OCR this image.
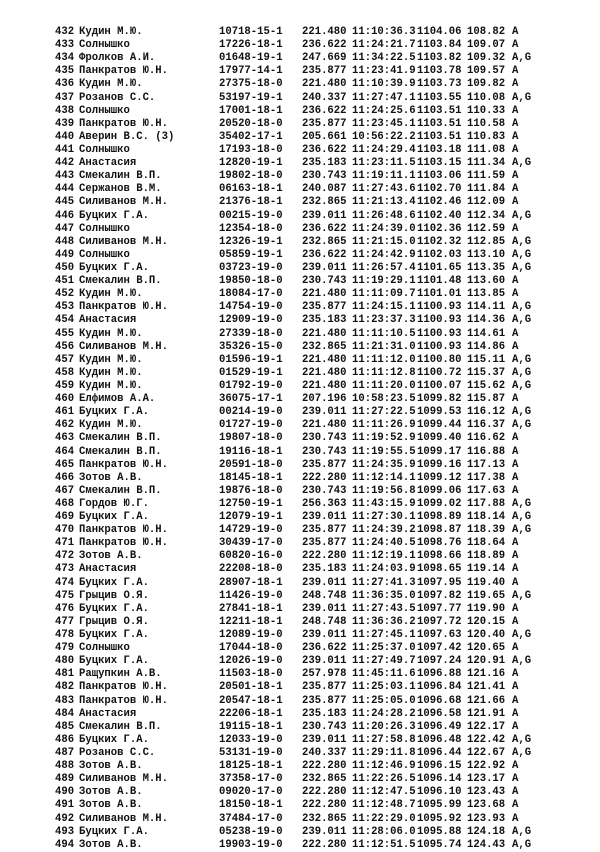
432 Кудин М.Ю.	10718-15-1 221.480 11:10:36.3 1104.06 108.82 A
433 Солнышко	17226-18-1 236.622 11:24:21.7 1103.84 109.07 A
434 Фролков А.И.	01648-19-1 247.669 11:34:22.5 1103.82 109.32 A,G
435 Панкратов Ю.Н.	17977-14-1 235.877 11:23:41.9 1103.78 109.57 A
436 Кудин М.Ю.	27375-18-0 221.480 11:10:39.9 1103.73 109.82 A
437 Розанов С.С.	53197-19-1 240.337 11:27:47.1 1103.55 110.08 A,G
438 Солнышко	17001-18-1 236.622 11:24:25.6 1103.51 110.33 A
439 Панкратов Ю.Н.	20520-18-0 235.877 11:23:45.1 1103.51 110.58 A
440 Аверин В.С. (3)	35402-17-1 205.661 10:56:22.2 1103.51 110.83 A
441 Солнышко	17193-18-0 236.622 11:24:29.4 1103.18 111.08 A
442 Анастасия	12820-19-1 235.183 11:23:11.5 1103.15 111.34 A,G
443 Смекалин В.П.	19802-18-0 230.743 11:19:11.1 1103.06 111.59 A
444 Сержанов В.М.	06163-18-1 240.087 11:27:43.6 1102.70 111.84 A
445 Силиванов М.Н.	21376-18-1 232.865 11:21:13.4 1102.46 112.09 A
446 Буцких Г.А.	00215-19-0 239.011 11:26:48.6 1102.40 112.34 A,G
447 Солнышко	12354-18-0 236.622 11:24:39.0 1102.36 112.59 A
448 Силиванов М.Н.	12326-19-1 232.865 11:21:15.0 1102.32 112.85 A,G
449 Солнышко	05859-19-1 236.622 11:24:42.9 1102.03 113.10 A,G
450 Буцких Г.А.	03723-19-0 239.011 11:26:57.4 1101.65 113.35 A,G
451 Смекалин В.П.	19850-18-0 230.743 11:19:29.1 1101.48 113.60 A
452 Кудин М.Ю.	18084-17-0 221.480 11:11:09.7 1101.01 113.85 A
453 Панкратов Ю.Н.	14754-19-0 235.877 11:24:15.1 1100.93 114.11 A,G
454 Анастасия	12909-19-0 235.183 11:23:37.3 1100.93 114.36 A,G
455 Кудин М.Ю.	27339-18-0 221.480 11:11:10.5 1100.93 114.61 A
456 Силиванов М.Н.	35326-15-0 232.865 11:21:31.0 1100.93 114.86 A
457 Кудин М.Ю.	01596-19-1 221.480 11:11:12.0 1100.80 115.11 A,G
458 Кудин М.Ю.	01529-19-1 221.480 11:11:12.8 1100.72 115.37 A,G
459 Кудин М.Ю.	01792-19-0 221.480 11:11:20.0 1100.07 115.62 A,G
460 Елфимов А.А.	36075-17-1 207.196 10:58:23.5 1099.82 115.87 A
461 Буцких Г.А.	00214-19-0 239.011 11:27:22.5 1099.53 116.12 A,G
462 Кудин М.Ю.	01727-19-0 221.480 11:11:26.9 1099.44 116.37 A,G
463 Смекалин В.П.	19807-18-0 230.743 11:19:52.9 1099.40 116.62 A
464 Смекалин В.П.	19116-18-1 230.743 11:19:55.5 1099.17 116.88 A
465 Панкратов Ю.Н.	20591-18-0 235.877 11:24:35.9 1099.16 117.13 A
466 Зотов А.В.	18145-18-1 222.280 11:12:14.1 1099.12 117.38 A
467 Смекалин В.П.	19876-18-0 230.743 11:19:56.8 1099.06 117.63 A
468 Гордов Ю.Г.	12750-19-1 256.363 11:43:15.9 1099.02 117.88 A,G
469 Буцких Г.А.	12079-19-1 239.011 11:27:30.1 1098.89 118.14 A,G
470 Панкратов Ю.Н.	14729-19-0 235.877 11:24:39.2 1098.87 118.39 A,G
471 Панкратов Ю.Н.	30439-17-0 235.877 11:24:40.5 1098.76 118.64 A
472 Зотов А.В.	60820-16-0 222.280 11:12:19.1 1098.66 118.89 A
473 Анастасия	22208-18-0 235.183 11:24:03.9 1098.65 119.14 A
474 Буцких Г.А.	28907-18-1 239.011 11:27:41.3 1097.95 119.40 A
475 Грыцив О.Я.	11426-19-0 248.748 11:36:35.0 1097.82 119.65 A,G
476 Буцких Г.А.	27841-18-1 239.011 11:27:43.5 1097.77 119.90 A
477 Грыцив О.Я.	12211-18-1 248.748 11:36:36.2 1097.72 120.15 A
478 Буцких Г.А.	12089-19-0 239.011 11:27:45.1 1097.63 120.40 A,G
479 Солнышко	17044-18-0 236.622 11:25:37.0 1097.42 120.65 A
480 Буцких Г.А.	12026-19-0 239.011 11:27:49.7 1097.24 120.91 A,G
481 Ращупкин А.В.	11503-18-0 257.978 11:45:11.6 1096.88 121.16 A
482 Панкратов Ю.Н.	20501-18-1 235.877 11:25:03.1 1096.84 121.41 A
483 Панкратов Ю.Н.	20547-18-1 235.877 11:25:05.0 1096.68 121.66 A
484 Анастасия	22206-18-1 235.183 11:24:28.2 1096.58 121.91 A
485 Смекалин В.П.	19115-18-1 230.743 11:20:26.3 1096.49 122.17 A
486 Буцких Г.А.	12033-19-0 239.011 11:27:58.8 1096.48 122.42 A,G
487 Розанов С.С.	53131-19-0 240.337 11:29:11.8 1096.44 122.67 A,G
488 Зотов А.В.	18125-18-1 222.280 11:12:46.9 1096.15 122.92 A
489 Силиванов М.Н.	37358-17-0 232.865 11:22:26.5 1096.14 123.17 A
490 Зотов А.В.	09020-17-0 222.280 11:12:47.5 1096.10 123.43 A
491 Зотов А.В.	18150-18-1 222.280 11:12:48.7 1095.99 123.68 A
492 Силиванов М.Н.	37484-17-0 232.865 11:22:29.0 1095.92 123.93 A
493 Буцких Г.А.	05238-19-0 239.011 11:28:06.0 1095.88 124.18 A,G
494 Зотов А.В.	19903-19-0 222.280 11:12:51.5 1095.74 124.43 A,G
